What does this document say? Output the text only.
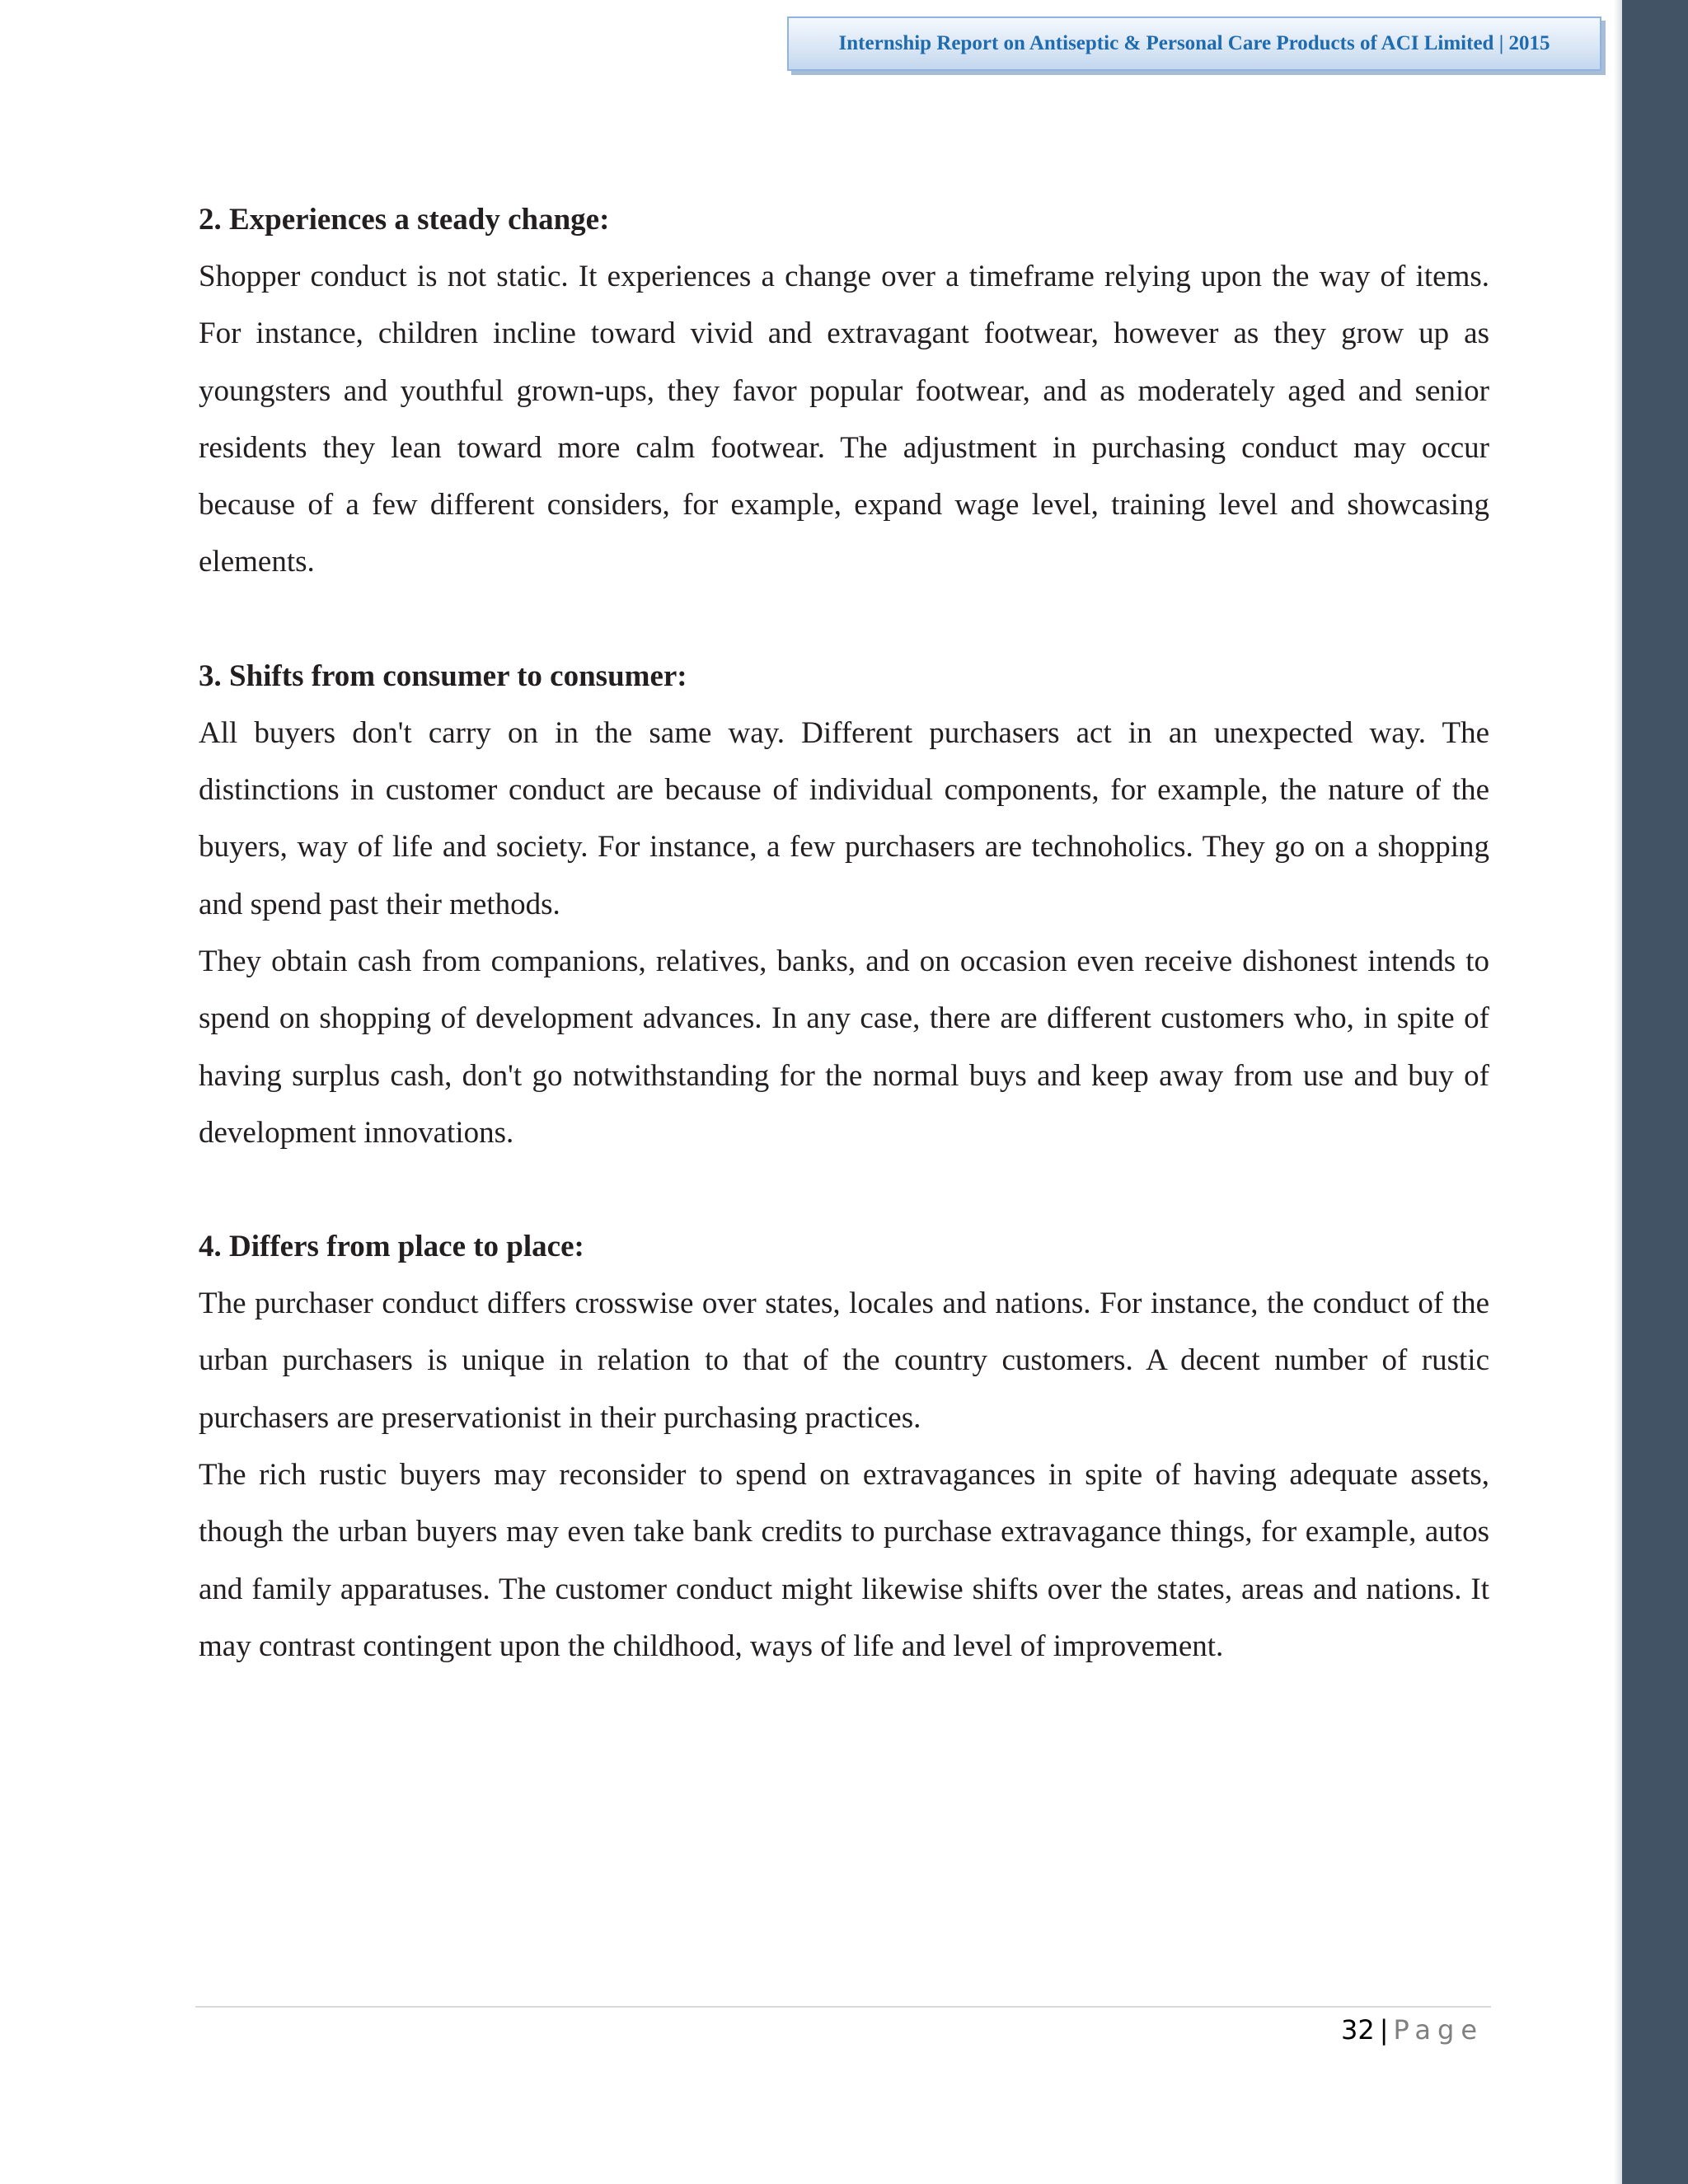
Internship Report on Antiseptic & Personal Care Products of ACI Limited | 2015
2. Experiences a steady change:

Shopper conduct is not static. It experiences a change over a timeframe relying upon the way of items. For instance, children incline toward vivid and extravagant footwear, however as they grow up as youngsters and youthful grown-ups, they favor popular footwear, and as moderately aged and senior residents they lean toward more calm footwear. The adjustment in purchasing conduct may occur because of a few different considers, for example, expand wage level, training level and showcasing elements.

3. Shifts from consumer to consumer:

All buyers don't carry on in the same way. Different purchasers act in an unexpected way. The distinctions in customer conduct are because of individual components, for example, the nature of the buyers, way of life and society. For instance, a few purchasers are technoholics. They go on a shopping and spend past their methods.

They obtain cash from companions, relatives, banks, and on occasion even receive dishonest intends to spend on shopping of development advances. In any case, there are different customers who, in spite of having surplus cash, don't go notwithstanding for the normal buys and keep away from use and buy of development innovations.

4. Differs from place to place:

The purchaser conduct differs crosswise over states, locales and nations. For instance, the conduct of the urban purchasers is unique in relation to that of the country customers. A decent number of rustic purchasers are preservationist in their purchasing practices.

The rich rustic buyers may reconsider to spend on extravagances in spite of having adequate assets, though the urban buyers may even take bank credits to purchase extravagance things, for example, autos and family apparatuses. The customer conduct might likewise shifts over the states, areas and nations. It may contrast contingent upon the childhood, ways of life and level of improvement.

32 | Page
